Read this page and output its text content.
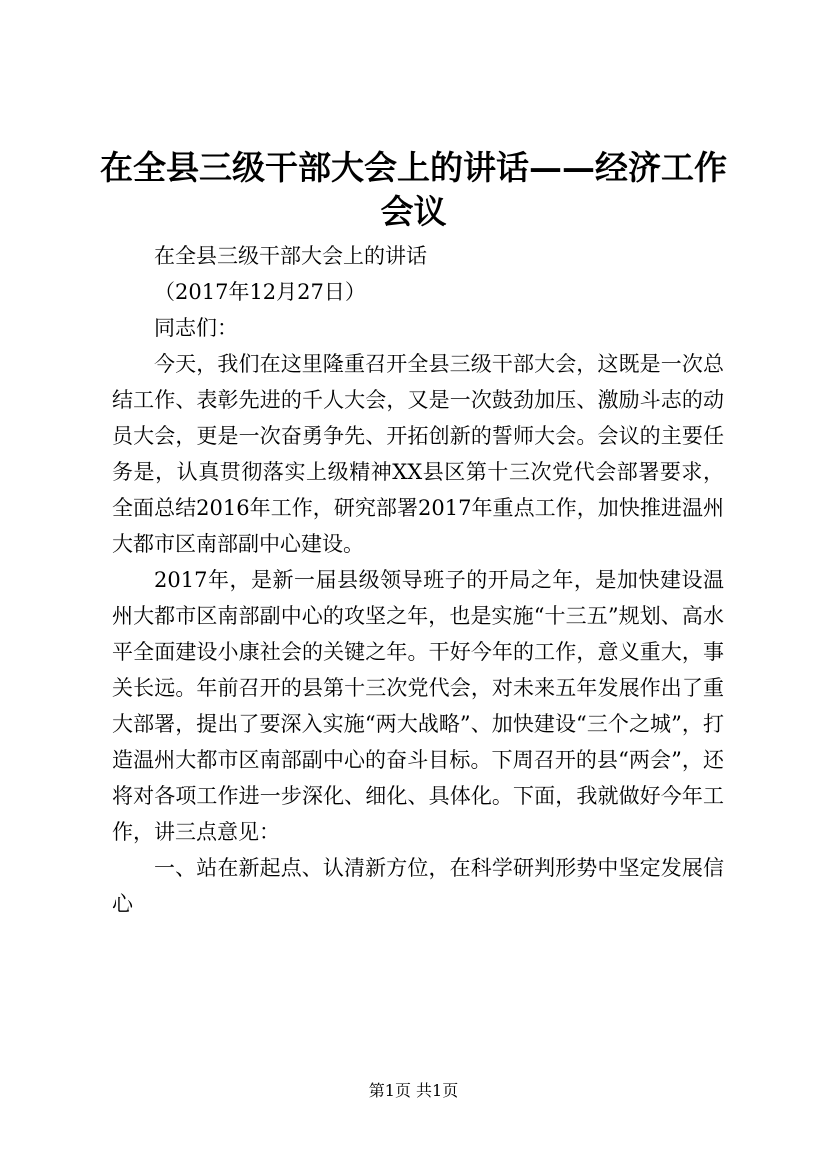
在全县三级干部大会上的讲话——经济工作会议

在全县三级干部大会上的讲话

（2017年12月27日）

同志们：

今天，我们在这里隆重召开全县三级干部大会，这既是一次总结工作、表彰先进的千人大会，又是一次鼓劲加压、激励斗志的动员大会，更是一次奋勇争先、开拓创新的誓师大会。会议的主要任务是，认真贯彻落实上级精神XX县区第十三次党代会部署要求，全面总结2016年工作，研究部署2017年重点工作，加快推进温州大都市区南部副中心建设。

2017年，是新一届县级领导班子的开局之年，是加快建设温州大都市区南部副中心的攻坚之年，也是实施“十三五”规划、高水平全面建设小康社会的关键之年。干好今年的工作，意义重大，事关长远。年前召开的县第十三次党代会，对未来五年发展作出了重大部署，提出了要深入实施“两大战略”、加快建设“三个之城”，打造温州大都市区南部副中心的奋斗目标。下周召开的县“两会”，还将对各项工作进一步深化、细化、具体化。下面，我就做好今年工作，讲三点意见：

一、站在新起点、认清新方位，在科学研判形势中坚定发展信心

第1页 共1页
